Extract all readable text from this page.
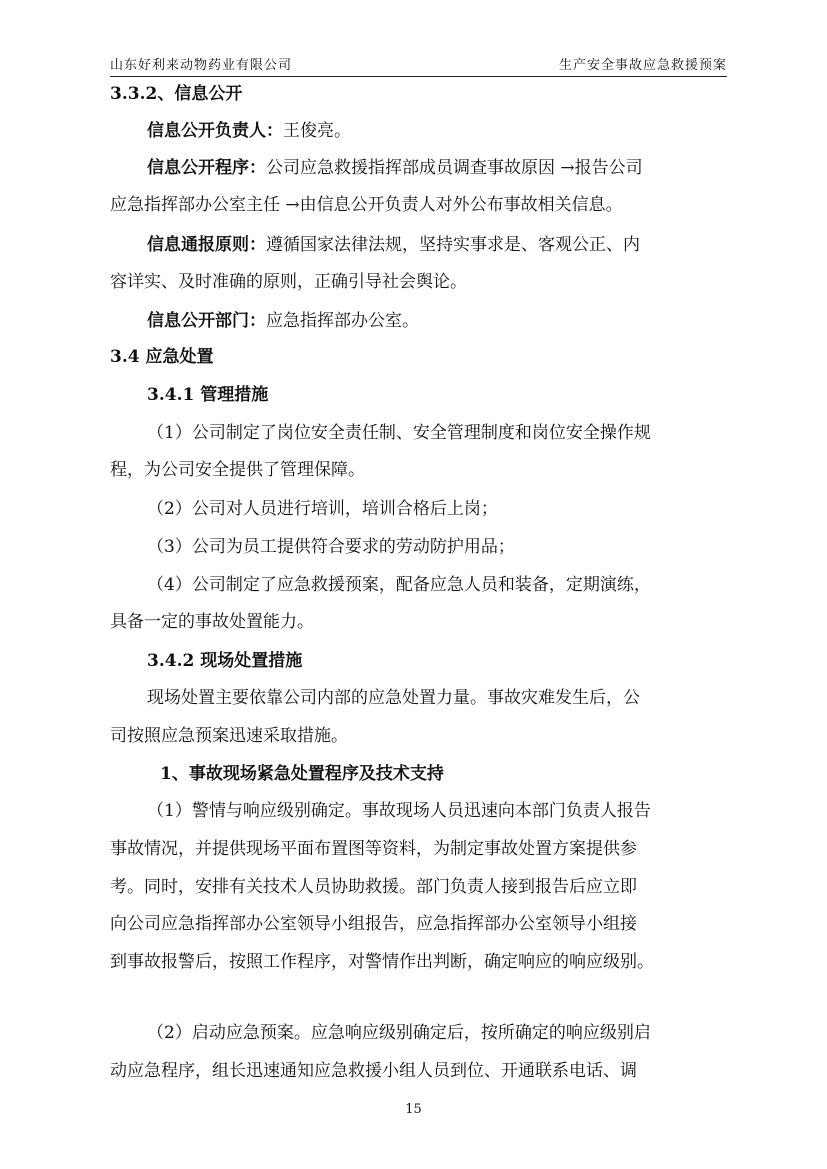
山东好利来动物药业有限公司	生产安全事故应急救援预案
3.3.2、信息公开
信息公开负责人：王俊亮。
信息公开程序：公司应急救援指挥部成员调查事故原因 →报告公司
应急指挥部办公室主任 →由信息公开负责人对外公布事故相关信息。
信息通报原则：遵循国家法律法规，坚持实事求是、客观公正、内
容详实、及时准确的原则，正确引导社会舆论。
信息公开部门：应急指挥部办公室。
3.4 应急处置
3.4.1 管理措施
（1）公司制定了岗位安全责任制、安全管理制度和岗位安全操作规
程，为公司安全提供了管理保障。
（2）公司对人员进行培训，培训合格后上岗；
（3）公司为员工提供符合要求的劳动防护用品；
（4）公司制定了应急救援预案，配备应急人员和装备，定期演练，
具备一定的事故处置能力。
3.4.2 现场处置措施
现场处置主要依靠公司内部的应急处置力量。事故灾难发生后，公
司按照应急预案迅速采取措施。
1、事故现场紧急处置程序及技术支持
（1）警情与响应级别确定。事故现场人员迅速向本部门负责人报告
事故情况，并提供现场平面布置图等资料，为制定事故处置方案提供参
考。同时，安排有关技术人员协助救援。部门负责人接到报告后应立即
向公司应急指挥部办公室领导小组报告，应急指挥部办公室领导小组接
到事故报警后，按照工作程序，对警情作出判断，确定响应的响应级别。
（2）启动应急预案。应急响应级别确定后，按所确定的响应级别启
动应急程序，组长迅速通知应急救援小组人员到位、开通联系电话、调
15
